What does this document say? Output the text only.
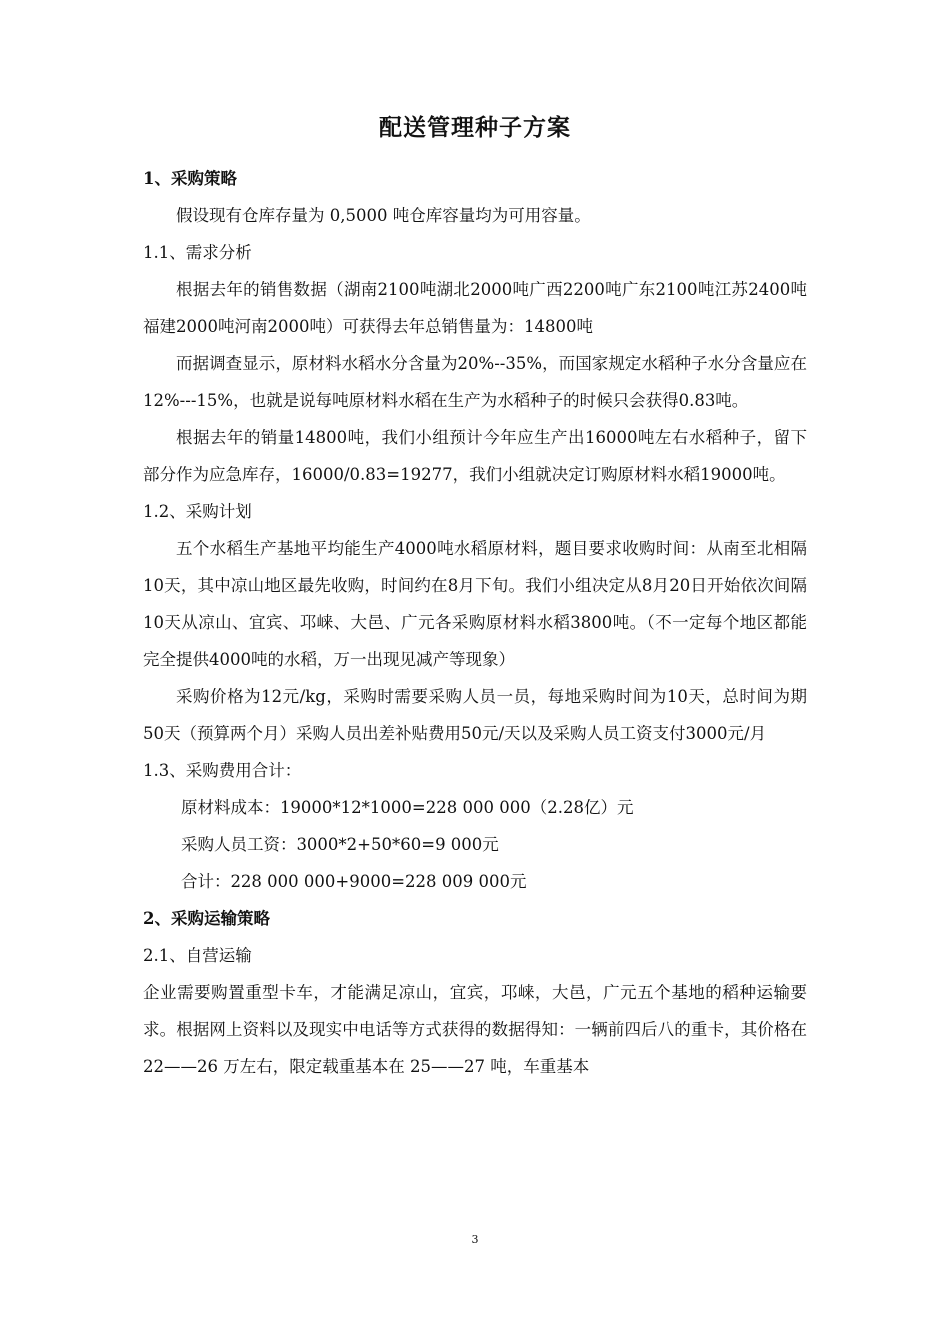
配送管理种子方案

1、采购策略

假设现有仓库存量为 0,5000 吨仓库容量均为可用容量。

1.1、需求分析

根据去年的销售数据（湖南2100吨湖北2000吨广西2200吨广东2100吨江苏2400吨福建2000吨河南2000吨）可获得去年总销售量为：14800吨

而据调查显示，原材料水稻水分含量为20%--35%，而国家规定水稻种子水分含量应在12%---15%，也就是说每吨原材料水稻在生产为水稻种子的时候只会获得0.83吨。

根据去年的销量14800吨，我们小组预计今年应生产出16000吨左右水稻种子，留下部分作为应急库存，16000/0.83=19277，我们小组就决定订购原材料水稻19000吨。

1.2、采购计划

五个水稻生产基地平均能生产4000吨水稻原材料，题目要求收购时间：从南至北相隔10天，其中凉山地区最先收购，时间约在8月下旬。我们小组决定从8月20日开始依次间隔10天从凉山、宜宾、邛崃、大邑、广元各采购原材料水稻3800吨。（不一定每个地区都能完全提供4000吨的水稻，万一出现见减产等现象）

采购价格为12元/kg，采购时需要采购人员一员，每地采购时间为10天，总时间为期50天（预算两个月）采购人员出差补贴费用50元/天以及采购人员工资支付3000元/月

1.3、采购费用合计：

原材料成本：19000*12*1000=228 000 000（2.28亿）元

采购人员工资：3000*2+50*60=9 000元

合计：228 000 000+9000=228 009 000元

2、采购运输策略

2.1、自营运输

企业需要购置重型卡车，才能满足凉山，宜宾，邛崃，大邑，广元五个基地的稻种运输要求。根据网上资料以及现实中电话等方式获得的数据得知：一辆前四后八的重卡，其价格在 22——26 万左右，限定载重基本在 25——27 吨，车重基本

3
